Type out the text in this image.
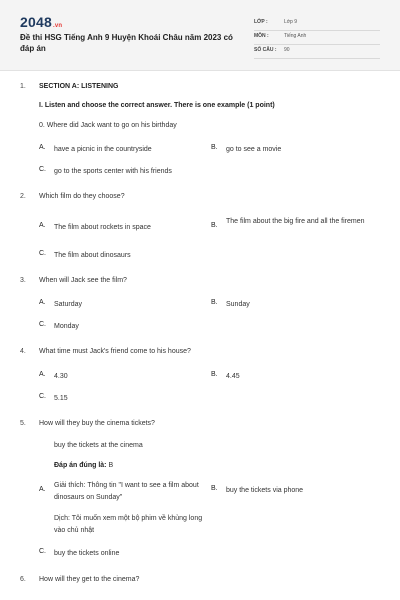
2048.vn
Đề thi HSG Tiếng Anh 9 Huyện Khoái Châu năm 2023 có đáp án
LỚP :	Lớp 9
MÔN :	Tiếng Anh
SỐ CÂU : 90
1. SECTION A: LISTENING
I. Listen and choose the correct answer. There is one example (1 point)
0. Where did Jack want to go on his birthday
A. have a picnic in the countryside	B. go to see a movie
C. go to the sports center with his friends
2. Which film do they choose?
A. The film about rockets in space	B.
The film about the big fire and all the firemen
C. The film about dinosaurs
3. When will Jack see the film?
A. Saturday	B. Sunday
C. Monday
4. What time must Jack's friend come to his house?
A. 4.30	B. 4.45
C. 5.15
5. How will they buy the cinema tickets?
buy the tickets at the cinema
Đáp án đúng là: B
A.
Giải thích: Thông tin "I want to see a film about dinosaurs on Sunday"
B. buy the tickets via phone
Dịch: Tôi muốn xem một bộ phim về khủng long vào chủ nhật
C. buy the tickets online
6. How will they get to the cinema?
